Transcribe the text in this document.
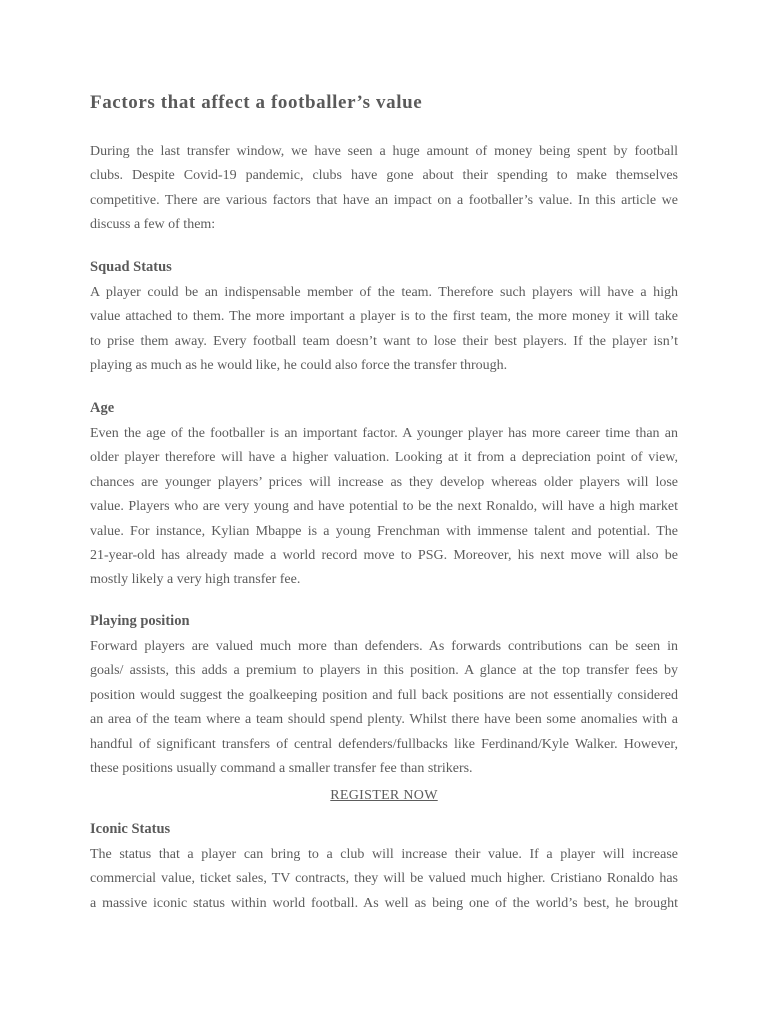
Factors that affect a footballer’s value

During the last transfer window, we have seen a huge amount of money being spent by football
clubs. Despite Covid-19 pandemic, clubs have gone about their spending to make themselves
competitive. There are various factors that have an impact on a footballer’s value. In this article we
discuss a few of them:

Squad Status

A player could be an indispensable member of the team. Therefore such players will have a high
value attached to them. The more important a player is to the first team, the more money it will take
to prise them away. Every football team doesn’t want to lose their best players. If the player isn’t
playing as much as he would like, he could also force the transfer through.

Age

Even the age of the footballer is an important factor. A younger player has more career time than an
older player therefore will have a higher valuation. Looking at it from a depreciation point of view,
chances are younger players’ prices will increase as they develop whereas older players will lose
value. Players who are very young and have potential to be the next Ronaldo, will have a high market
value. For instance, Kylian Mbappe is a young Frenchman with immense talent and potential. The
21-year-old has already made a world record move to PSG. Moreover, his next move will also be
mostly likely a very high transfer fee.

Playing position

Forward players are valued much more than defenders. As forwards contributions can be seen in
goals/ assists, this adds a premium to players in this position. A glance at the top transfer fees by
position would suggest the goalkeeping position and full back positions are not essentially considered
an area of the team where a team should spend plenty. Whilst there have been some anomalies with a
handful of significant transfers of central defenders/fullbacks like Ferdinand/Kyle Walker. However,
these positions usually command a smaller transfer fee than strikers.

REGISTER NOW
Iconic Status

The status that a player can bring to a club will increase their value. If a player will increase
commercial value, ticket sales, TV contracts, they will be valued much higher. Cristiano Ronaldo has
a massive iconic status within world football. As well as being one of the world’s best, he brought
